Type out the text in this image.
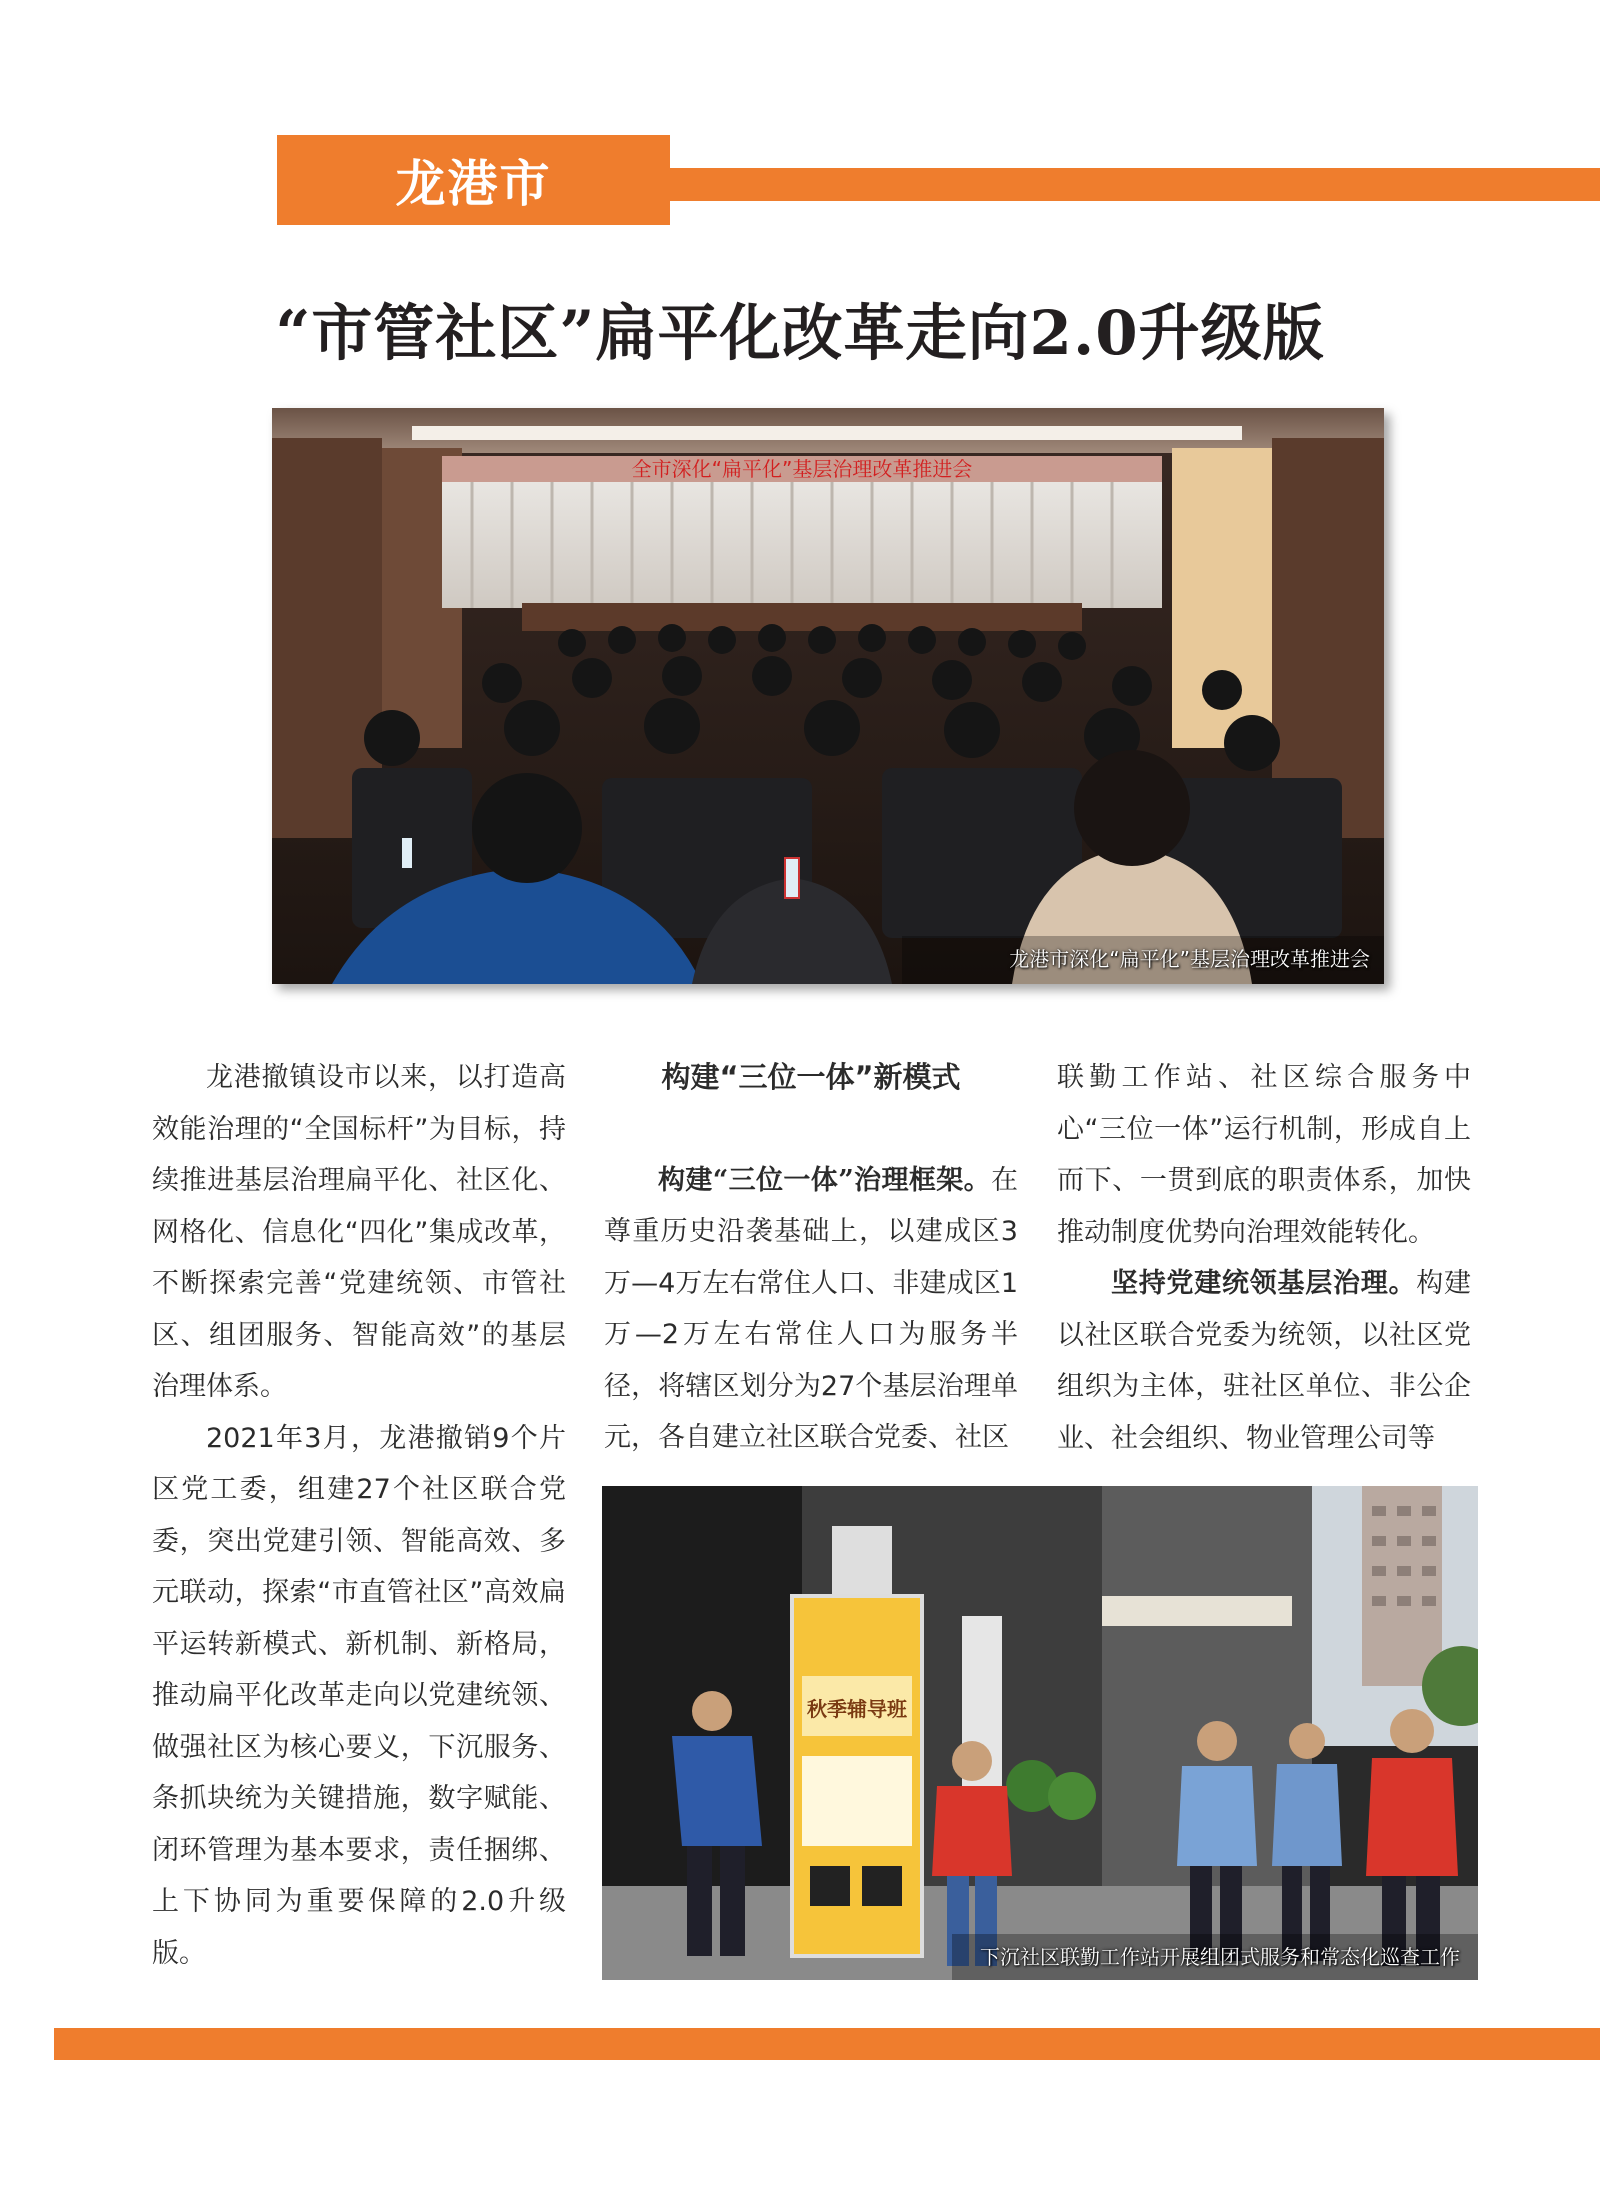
龙港市
“市管社区”扁平化改革走向2.0升级版
全市深化“扁平化”基层治理改革推进会
龙港市深化“扁平化”基层治理改革推进会

龙港撤镇设市以来，以打造高效能治理的“全国标杆”为目标，持续推进基层治理扁平化、社区化、网格化、信息化“四化”集成改革，不断探索完善“党建统领、市管社区、组团服务、智能高效”的基层治理体系。

2021年3月，龙港撤销9个片区党工委，组建27个社区联合党委，突出党建引领、智能高效、多元联动，探索“市直管社区”高效扁平运转新模式、新机制、新格局，推动扁平化改革走向以党建统领、做强社区为核心要义，下沉服务、条抓块统为关键措施，数字赋能、闭环管理为基本要求，责任捆绑、上下协同为重要保障的2.0升级版。

构建“三位一体”新模式

构建“三位一体”治理框架。在尊重历史沿袭基础上，以建成区3万—4万左右常住人口、非建成区1万—2万左右常住人口为服务半径，将辖区划分为27个基层治理单元，各自建立社区联合党委、社区

联勤工作站、社区综合服务中心“三位一体”运行机制，形成自上而下、一贯到底的职责体系，加快推动制度优势向治理效能转化。

坚持党建统领基层治理。构建以社区联合党委为统领，以社区党组织为主体，驻社区单位、非公企业、社会组织、物业管理公司等

秋季辅导班
下沉社区联勤工作站开展组团式服务和常态化巡查工作
